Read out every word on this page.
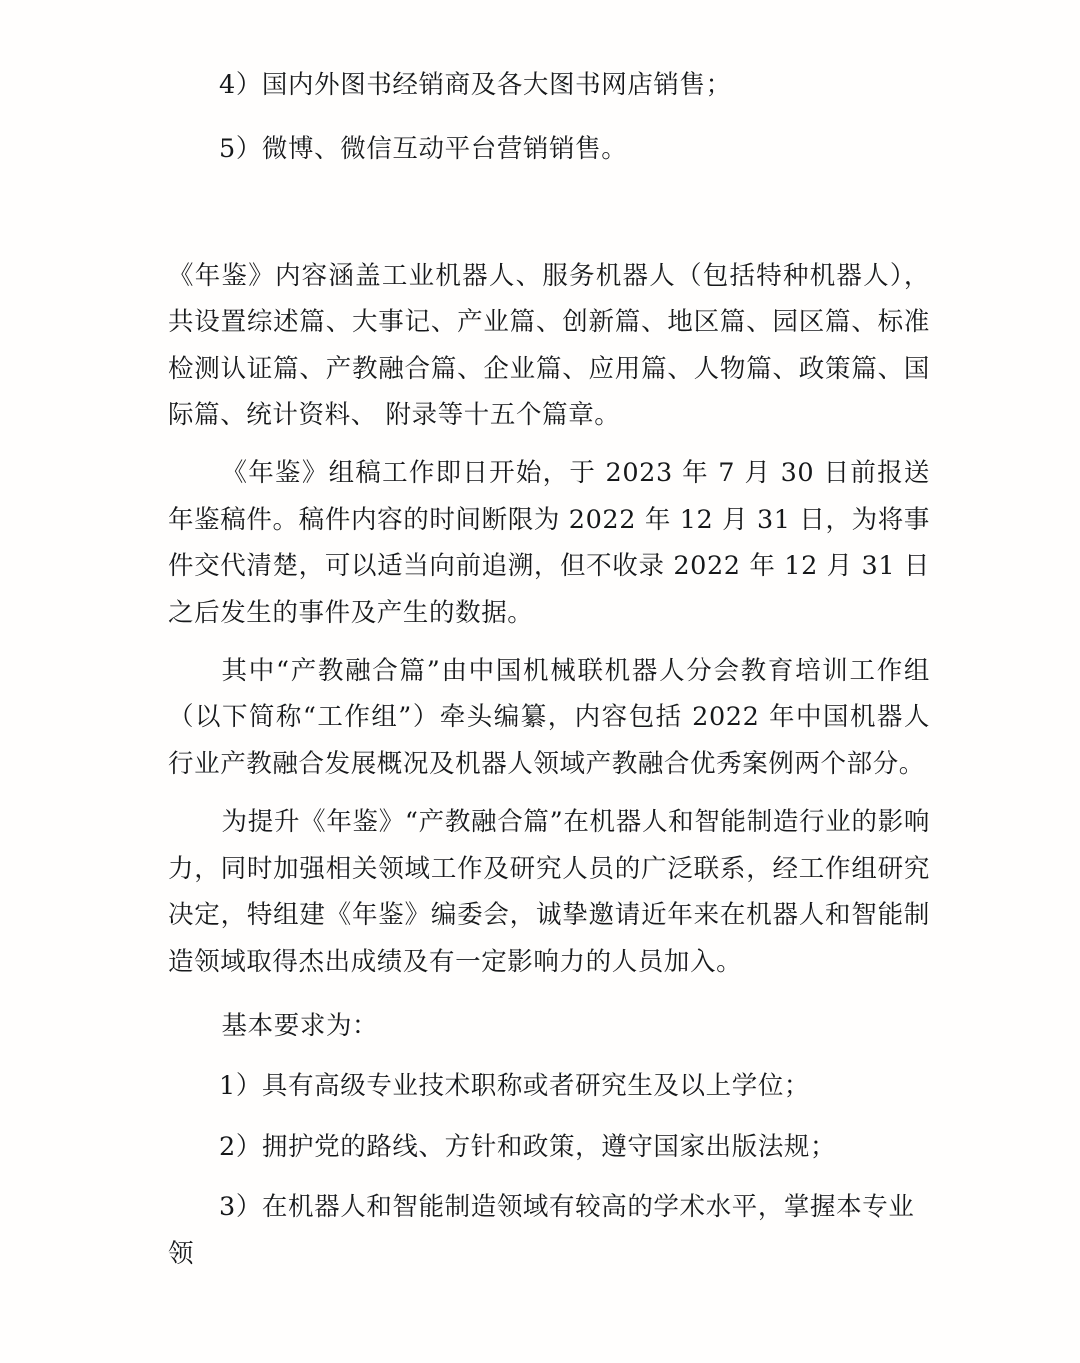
4）国内外图书经销商及各大图书网店销售；

5）微博、微信互动平台营销销售。

《年鉴》内容涵盖工业机器人、服务机器人（包括特种机器人），共设置综述篇、大事记、产业篇、创新篇、地区篇、园区篇、标准检测认证篇、产教融合篇、企业篇、应用篇、人物篇、政策篇、国际篇、统计资料、 附录等十五个篇章。

《年鉴》组稿工作即日开始，于 2023 年 7 月 30 日前报送年鉴稿件。稿件内容的时间断限为 2022 年 12 月 31 日，为将事件交代清楚，可以适当向前追溯，但不收录 2022 年 12 月 31 日之后发生的事件及产生的数据。

其中“产教融合篇”由中国机械联机器人分会教育培训工作组（以下简称“工作组”）牵头编纂，内容包括 2022 年中国机器人行业产教融合发展概况及机器人领域产教融合优秀案例两个部分。

为提升《年鉴》“产教融合篇”在机器人和智能制造行业的影响力，同时加强相关领域工作及研究人员的广泛联系，经工作组研究决定，特组建《年鉴》编委会，诚挚邀请近年来在机器人和智能制造领域取得杰出成绩及有一定影响力的人员加入。

基本要求为：

1）具有高级专业技术职称或者研究生及以上学位；

2）拥护党的路线、方针和政策，遵守国家出版法规；

3）在机器人和智能制造领域有较高的学术水平，掌握本专业领
